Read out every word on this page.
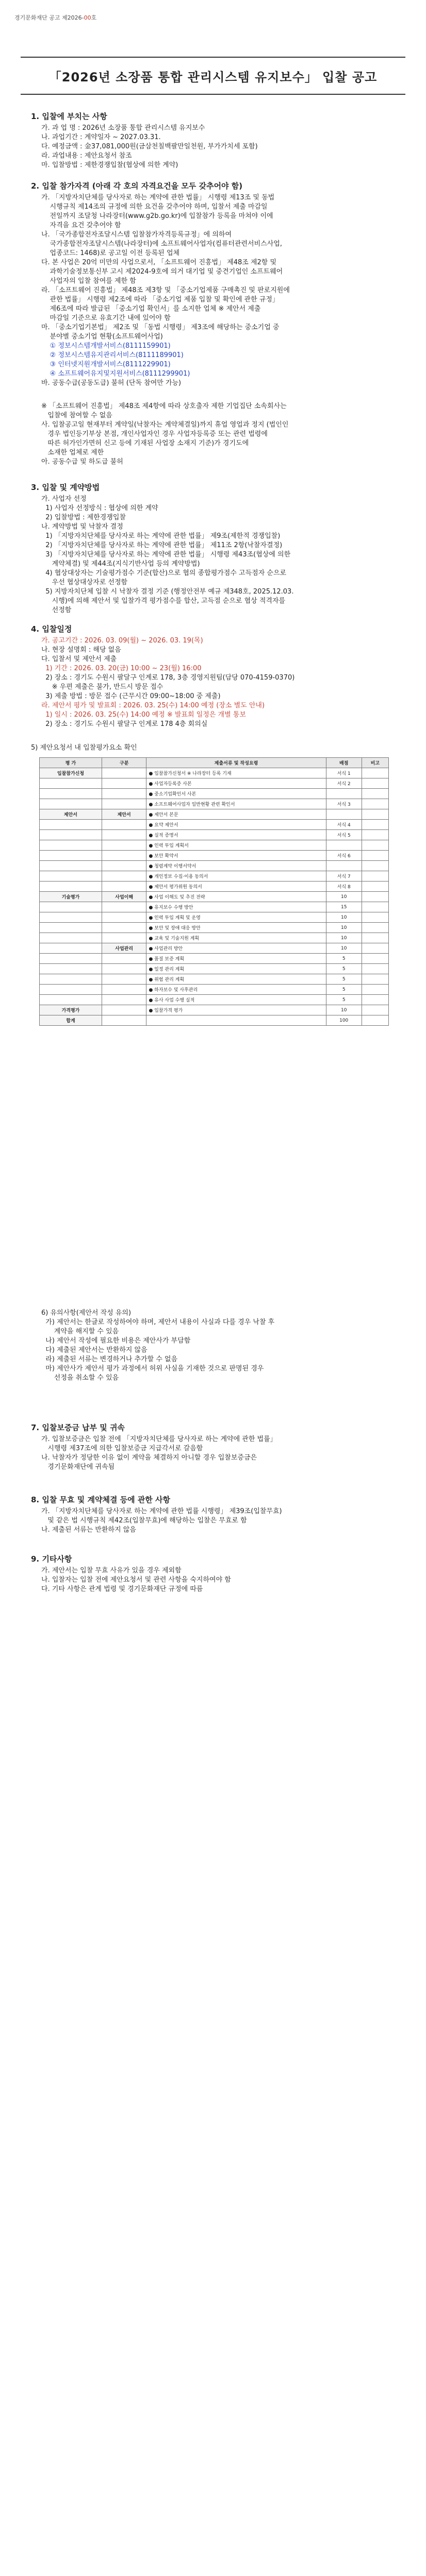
경기문화재단 공고 제2026-00호
「2026년 소장품 통합 관리시스템 유지보수」 입찰 공고
1. 입찰에 부치는 사항
가. 과 업 명 : 2026년 소장품 통합 관리시스템 유지보수
나. 과업기간 : 계약일자 ~ 2027.03.31.
다. 예정금액 : 金37,081,000원(금삼천칠백팔만일천원, 부가가치세 포함)
라. 과업내용 : 제안요청서 참조
마. 입찰방법 : 제한경쟁입찰(협상에 의한 계약)
2. 입찰 참가자격 (아래 각 호의 자격요건을 모두 갖추어야 함)
가. 「지방자치단체를 당사자로 하는 계약에 관한 법률」 시행령 제13조 및 동법
시행규칙 제14조의 규정에 의한 요건을 갖추어야 하며, 입찰서 제출 마감일
전일까지 조달청 나라장터(www.g2b.go.kr)에 입찰참가 등록을 마쳐야 이에
자격을 요건 갖추어야 함
나. 「국가종합전자조달시스템 입찰참가자격등록규정」에 의하여
국가종합전자조달시스템(나라장터)에 소프트웨어사업자(컴퓨터관련서비스사업,
업종코드: 1468)로 공고일 이전 등록된 업체
다. 본 사업은 20억 미만의 사업으로서, 「소프트웨어 진흥법」 제48조 제2항 및
과학기술정보통신부 고시 제2024-9호에 의거 대기업 및 중견기업인 소프트웨어
사업자의 입찰 참여를 제한 함
라. 「소프트웨어 진흥법」 제48조 제3항 및 「중소기업제품 구매촉진 및 판로지원에
관한 법률」 시행령 제2조에 따라 「중소기업 제품 입찰 및 확인에 관한 규정」
제6조에 따라 발급된 「중소기업 확인서」를 소지한 업체 ※ 제안서 제출
마감일 기준으로 유효기간 내에 있어야 함
마. 「중소기업기본법」 제2조 및 「동법 시행령」 제3조에 해당하는 중소기업 중
분야별 중소기업 현황(소프트웨어사업)
① 정보시스템개발서비스(8111159901)
② 정보시스템유지관리서비스(8111189901)
③ 인터넷지원개발서비스(8111229901)
④ 소프트웨어유지및지원서비스(8111299901)
바. 공동수급(공동도급) 불허 (단독 참여만 가능)
※ 「소프트웨어 진흥법」 제48조 제4항에 따라 상호출자 제한 기업집단 소속회사는
입찰에 참여할 수 없음
사. 입찰공고일 현재부터 계약일(낙찰자는 계약체결일)까지 휴업 영업과 정지 (법인인
경우 법인등기부상 본점, 개인사업자인 경우 사업자등록증 또는 관련 법령에
따른 허가인가면허 신고 등에 기재된 사업장 소재지 기준)가 경기도에
소재한 업체로 제한
아. 공동수급 및 하도급 불허
3. 입찰 및 계약방법
가. 사업자 선정
1) 사업자 선정방식 : 협상에 의한 계약
2) 입찰방법 : 제한경쟁입찰
나. 계약방법 및 낙찰자 결정
1) 「지방자치단체를 당사자로 하는 계약에 관한 법률」 제9조(제한적 경쟁입찰)
2) 「지방자치단체를 당사자로 하는 계약에 관한 법률」 제11조 2항(낙찰자결정)
3) 「지방자치단체를 당사자로 하는 계약에 관한 법률」 시행령 제43조(협상에 의한
계약체결) 및 제44조(지식기반사업 등의 계약방법)
4) 협상대상자는 기술평가점수 기준(합산)으로 협의 종합평가점수 고득점자 순으로
우선 협상대상자로 선정함
5) 지방자치단체 입찰 시 낙찰자 결정 기준 (행정안전부 예규 제348호, 2025.12.03.
시행)에 의해 제안서 및 입찰가격 평가점수를 합산, 고득점 순으로 협상 적격자를
선정함
4. 입찰일정
가. 공고기간 : 2026. 03. 09(월) ~ 2026. 03. 19(목)
나. 현장 설명회 : 해당 없음
다. 입찰서 및 제안서 제출
1) 기간 : 2026. 03. 20(금) 10:00 ~ 23(월) 16:00
2) 장소 : 경기도 수원시 팔달구 인계로 178, 3층 경영지원팀(담당 070-4159-0370)
※ 우편 제출은 불가, 반드시 방문 접수
3) 제출 방법 : 방문 접수 (근무시간 09:00~18:00 중 제출)
라. 제안서 평가 및 발표회 : 2026. 03. 25(수) 14:00 예정 (장소 별도 안내)
1) 일시 : 2026. 03. 25(수) 14:00 예정 ※ 발표회 일정은 개별 통보
2) 장소 : 경기도 수원시 팔달구 인계로 178 4층 회의실
5) 제안요청서 내 입찰평가요소 확인
평 가	구분	제출서류 및 작성요령	배점	비고
입찰참가신청		● 입찰참가신청서 ※ 나라장터 등록 기재	서식 1	
		● 사업자등록증 사본	서식 2	
		● 중소기업확인서 사본		
		● 소프트웨어사업자 일반현황 관련 확인서	서식 3	
제안서	제안서	● 제안서 본문		
		● 요약 제안서	서식 4	
		● 실적 증명서	서식 5	
		● 인력 투입 계획서		
		● 보안 확약서	서식 6	
		● 청렴계약 이행서약서		
		● 개인정보 수집·이용 동의서	서식 7	
		● 제안서 평가위원 동의서	서식 8	
기술평가	사업이해	● 사업 이해도 및 추진 전략	10	
		● 유지보수 수행 방안	15	
		● 인력 투입 계획 및 운영	10	
		● 보안 및 장애 대응 방안	10	
		● 교육 및 기술지원 계획	10	
	사업관리	● 사업관리 방안	10	
		● 품질 보증 계획	5	
		● 일정 관리 계획	5	
		● 위험 관리 계획	5	
		● 하자보수 및 사후관리	5	
		● 유사 사업 수행 실적	5	
가격평가		● 입찰가격 평가	10	
합계			100	
6) 유의사항(제안서 작성 유의)
가) 제안서는 한글로 작성하여야 하며, 제안서 내용이 사실과 다를 경우 낙찰 후
계약을 해지할 수 있음
나) 제안서 작성에 필요한 비용은 제안사가 부담함
다) 제출된 제안서는 반환하지 않음
라) 제출된 서류는 변경하거나 추가할 수 없음
마) 제안사가 제안서 평가 과정에서 허위 사실을 기재한 것으로 판명된 경우
선정을 취소할 수 있음
7. 입찰보증금 납부 및 귀속
가. 입찰보증금은 입찰 전에 「지방자치단체를 당사자로 하는 계약에 관한 법률」
시행령 제37조에 의한 입찰보증금 지급각서로 갈음함
나. 낙찰자가 정당한 이유 없이 계약을 체결하지 아니할 경우 입찰보증금은
경기문화재단에 귀속됨
8. 입찰 무효 및 계약체결 등에 관한 사항
가. 「지방자치단체를 당사자로 하는 계약에 관한 법률 시행령」 제39조(입찰무효)
및 같은 법 시행규칙 제42조(입찰무효)에 해당하는 입찰은 무효로 함
나. 제출된 서류는 반환하지 않음
9. 기타사항
가. 제안서는 입찰 무효 사유가 있을 경우 제외함
나. 입찰자는 입찰 전에 제안요청서 및 관련 사항을 숙지하여야 함
다. 기타 사항은 관계 법령 및 경기문화재단 규정에 따름
